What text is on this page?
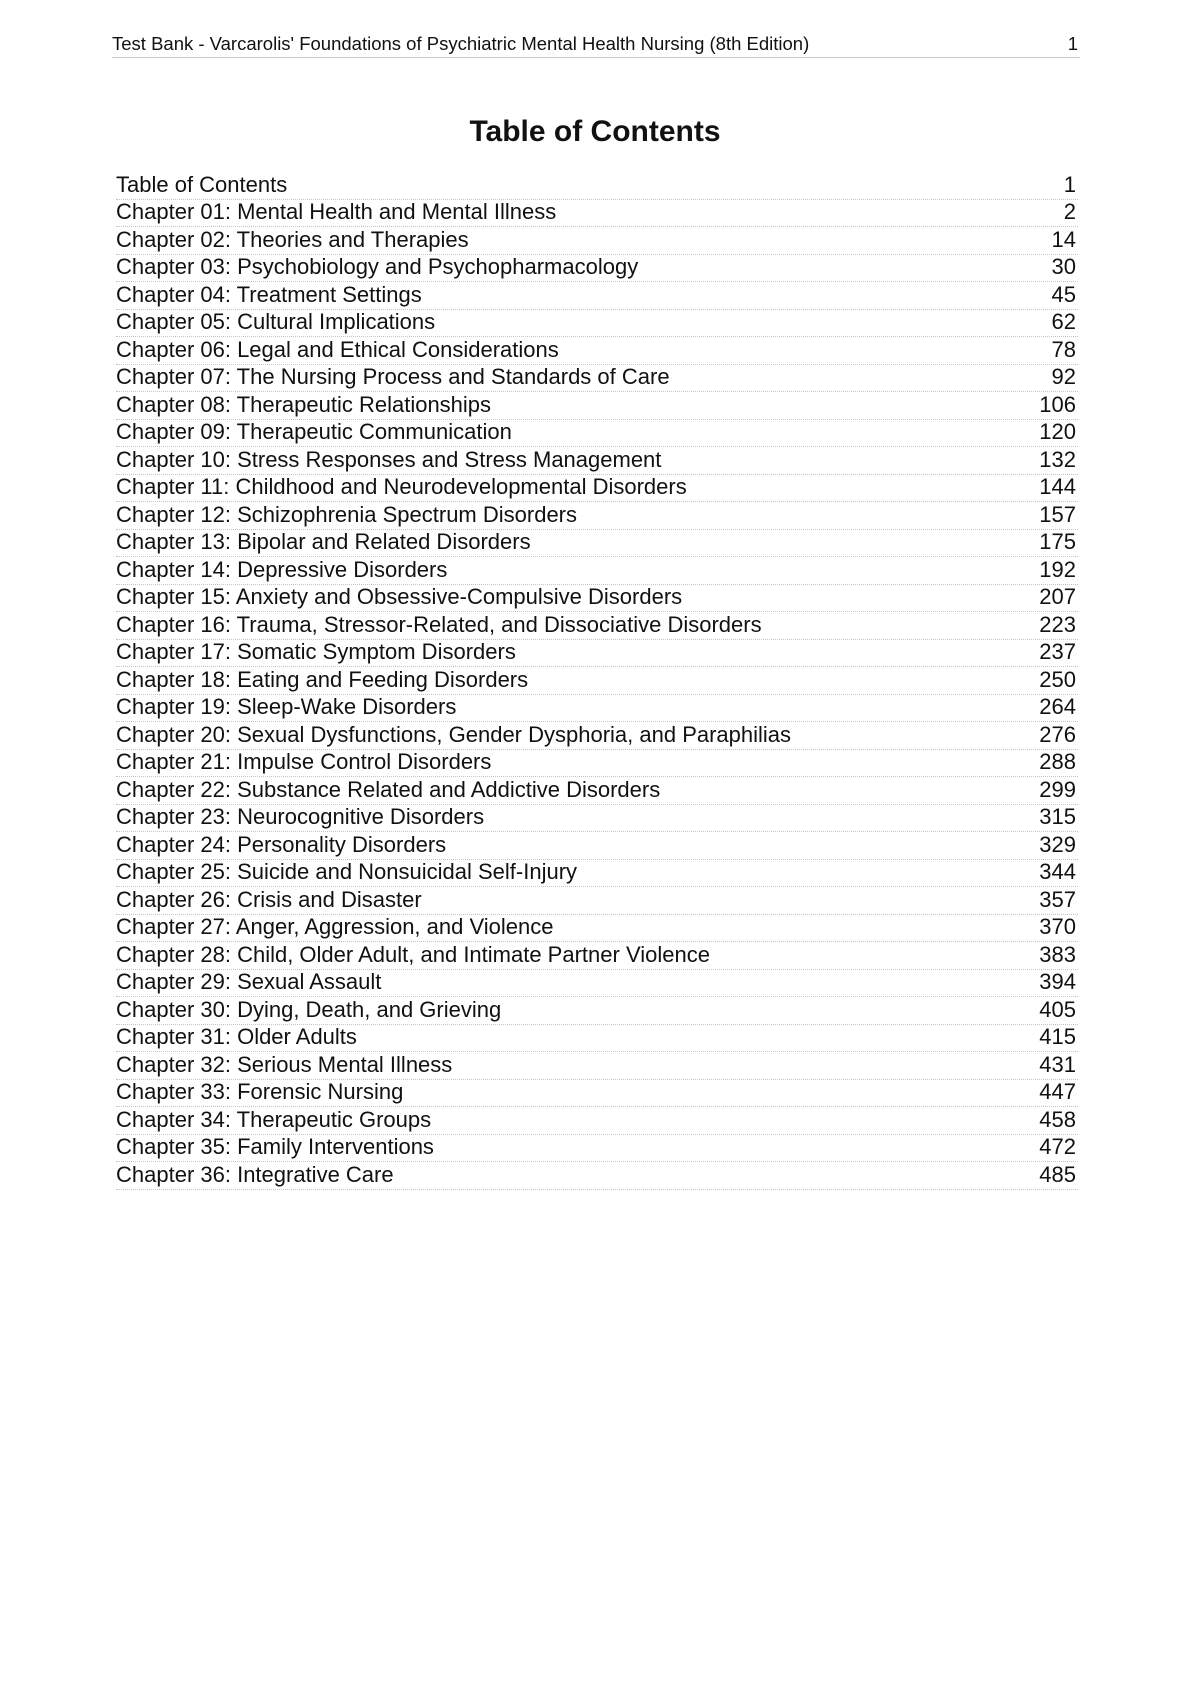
Test Bank - Varcarolis' Foundations of Psychiatric Mental Health Nursing (8th Edition)	1
Table of Contents
Table of Contents	1
Chapter 01: Mental Health and Mental Illness	2
Chapter 02: Theories and Therapies	14
Chapter 03: Psychobiology and Psychopharmacology	30
Chapter 04: Treatment Settings	45
Chapter 05: Cultural Implications	62
Chapter 06: Legal and Ethical Considerations	78
Chapter 07: The Nursing Process and Standards of Care	92
Chapter 08: Therapeutic Relationships	106
Chapter 09: Therapeutic Communication	120
Chapter 10: Stress Responses and Stress Management	132
Chapter 11: Childhood and Neurodevelopmental Disorders	144
Chapter 12: Schizophrenia Spectrum Disorders	157
Chapter 13: Bipolar and Related Disorders	175
Chapter 14: Depressive Disorders	192
Chapter 15: Anxiety and Obsessive-Compulsive Disorders	207
Chapter 16: Trauma, Stressor-Related, and Dissociative Disorders	223
Chapter 17: Somatic Symptom Disorders	237
Chapter 18: Eating and Feeding Disorders	250
Chapter 19: Sleep-Wake Disorders	264
Chapter 20: Sexual Dysfunctions, Gender Dysphoria, and Paraphilias	276
Chapter 21: Impulse Control Disorders	288
Chapter 22: Substance Related and Addictive Disorders	299
Chapter 23: Neurocognitive Disorders	315
Chapter 24: Personality Disorders	329
Chapter 25: Suicide and Nonsuicidal Self-Injury	344
Chapter 26: Crisis and Disaster	357
Chapter 27: Anger, Aggression, and Violence	370
Chapter 28: Child, Older Adult, and Intimate Partner Violence	383
Chapter 29: Sexual Assault	394
Chapter 30: Dying, Death, and Grieving	405
Chapter 31: Older Adults	415
Chapter 32: Serious Mental Illness	431
Chapter 33: Forensic Nursing	447
Chapter 34: Therapeutic Groups	458
Chapter 35: Family Interventions	472
Chapter 36: Integrative Care	485
